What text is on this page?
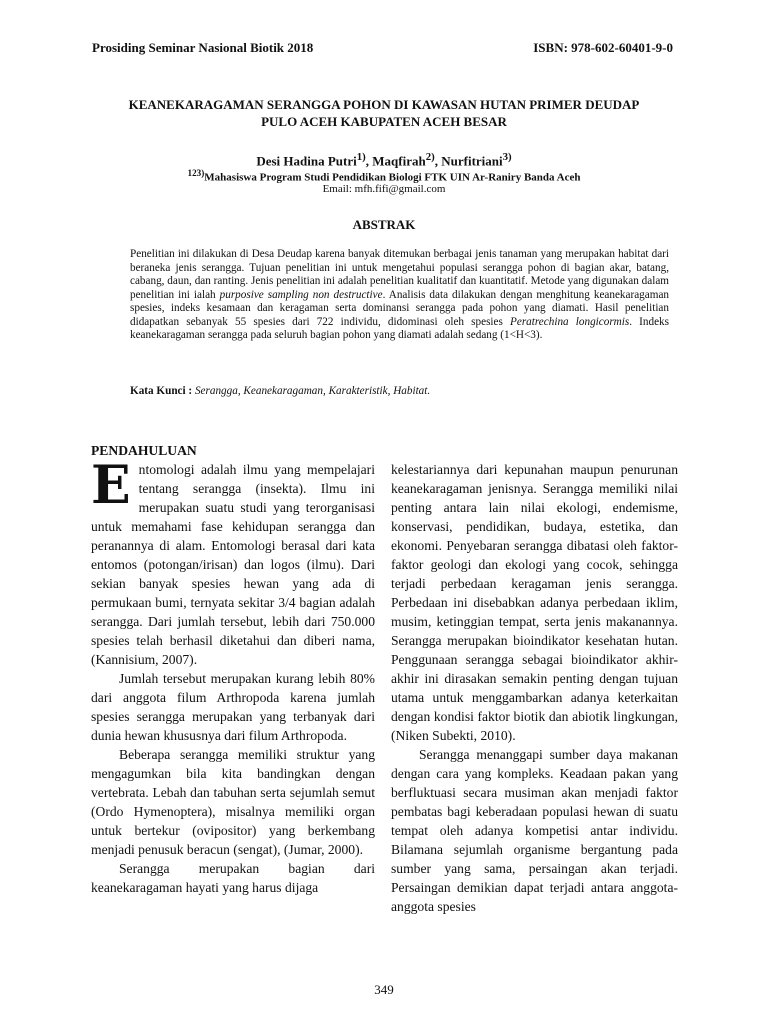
Prosiding Seminar Nasional Biotik 2018	ISBN: 978-602-60401-9-0
KEANEKARAGAMAN SERANGGA POHON DI KAWASAN HUTAN PRIMER DEUDAP
PULO ACEH KABUPATEN ACEH BESAR
Desi Hadina Putri$^{1)}$, Maqfirah$^{2)}$, Nurfitriani$^{3)}$
$^{123)}$Mahasiswa Program Studi Pendidikan Biologi FTK UIN Ar-Raniry Banda Aceh
Email: mfh.fifi@gmail.com
ABSTRAK

Penelitian ini dilakukan di Desa Deudap karena banyak ditemukan berbagai jenis tanaman yang merupakan habitat dari beraneka jenis serangga. Tujuan penelitian ini untuk mengetahui populasi serangga pohon di bagian akar, batang, cabang, daun, dan ranting. Jenis penelitian ini adalah penelitian kualitatif dan kuantitatif. Metode yang digunakan dalam penelitian ini ialah purposive sampling non destructive. Analisis data dilakukan dengan menghitung keanekaragaman spesies, indeks kesamaan dan keragaman serta dominansi serangga pada pohon yang diamati. Hasil penelitian didapatkan sebanyak 55 spesies dari 722 individu, didominasi oleh spesies Peratrechina longicormis. Indeks keanekaragaman serangga pada seluruh bagian pohon yang diamati adalah sedang (1<H<3).

Kata Kunci : Serangga, Keanekaragaman, Karakteristik, Habitat.

PENDAHULUAN

Entomologi adalah ilmu yang mempelajari tentang serangga (insekta). Ilmu ini merupakan suatu studi yang terorganisasi untuk memahami fase kehidupan serangga dan peranannya di alam. Entomologi berasal dari kata entomos (potongan/irisan) dan logos (ilmu). Dari sekian banyak spesies hewan yang ada di permukaan bumi, ternyata sekitar 3/4 bagian adalah serangga. Dari jumlah tersebut, lebih dari 750.000 spesies telah berhasil diketahui dan diberi nama, (Kannisium, 2007).

Jumlah tersebut merupakan kurang lebih 80% dari anggota filum Arthropoda karena jumlah spesies serangga merupakan yang terbanyak dari dunia hewan khususnya dari filum Arthropoda.

Beberapa serangga memiliki struktur yang mengagumkan bila kita bandingkan dengan vertebrata. Lebah dan tabuhan serta sejumlah semut (Ordo Hymenoptera), misalnya memiliki organ untuk bertekur (ovipositor) yang berkembang menjadi penusuk beracun (sengat), (Jumar, 2000).

Serangga merupakan bagian dari keanekaragaman hayati yang harus dijaga

kelestariannya dari kepunahan maupun penurunan keanekaragaman jenisnya. Serangga memiliki nilai penting antara lain nilai ekologi, endemisme, konservasi, pendidikan, budaya, estetika, dan ekonomi. Penyebaran serangga dibatasi oleh faktor-faktor geologi dan ekologi yang cocok, sehingga terjadi perbedaan keragaman jenis serangga. Perbedaan ini disebabkan adanya perbedaan iklim, musim, ketinggian tempat, serta jenis makanannya. Serangga merupakan bioindikator kesehatan hutan. Penggunaan serangga sebagai bioindikator akhir-akhir ini dirasakan semakin penting dengan tujuan utama untuk menggambarkan adanya keterkaitan dengan kondisi faktor biotik dan abiotik lingkungan, (Niken Subekti, 2010).

Serangga menanggapi sumber daya makanan dengan cara yang kompleks. Keadaan pakan yang berfluktuasi secara musiman akan menjadi faktor pembatas bagi keberadaan populasi hewan di suatu tempat oleh adanya kompetisi antar individu. Bilamana sejumlah organisme bergantung pada sumber yang sama, persaingan akan terjadi. Persaingan demikian dapat terjadi antara anggota-anggota spesies

349
